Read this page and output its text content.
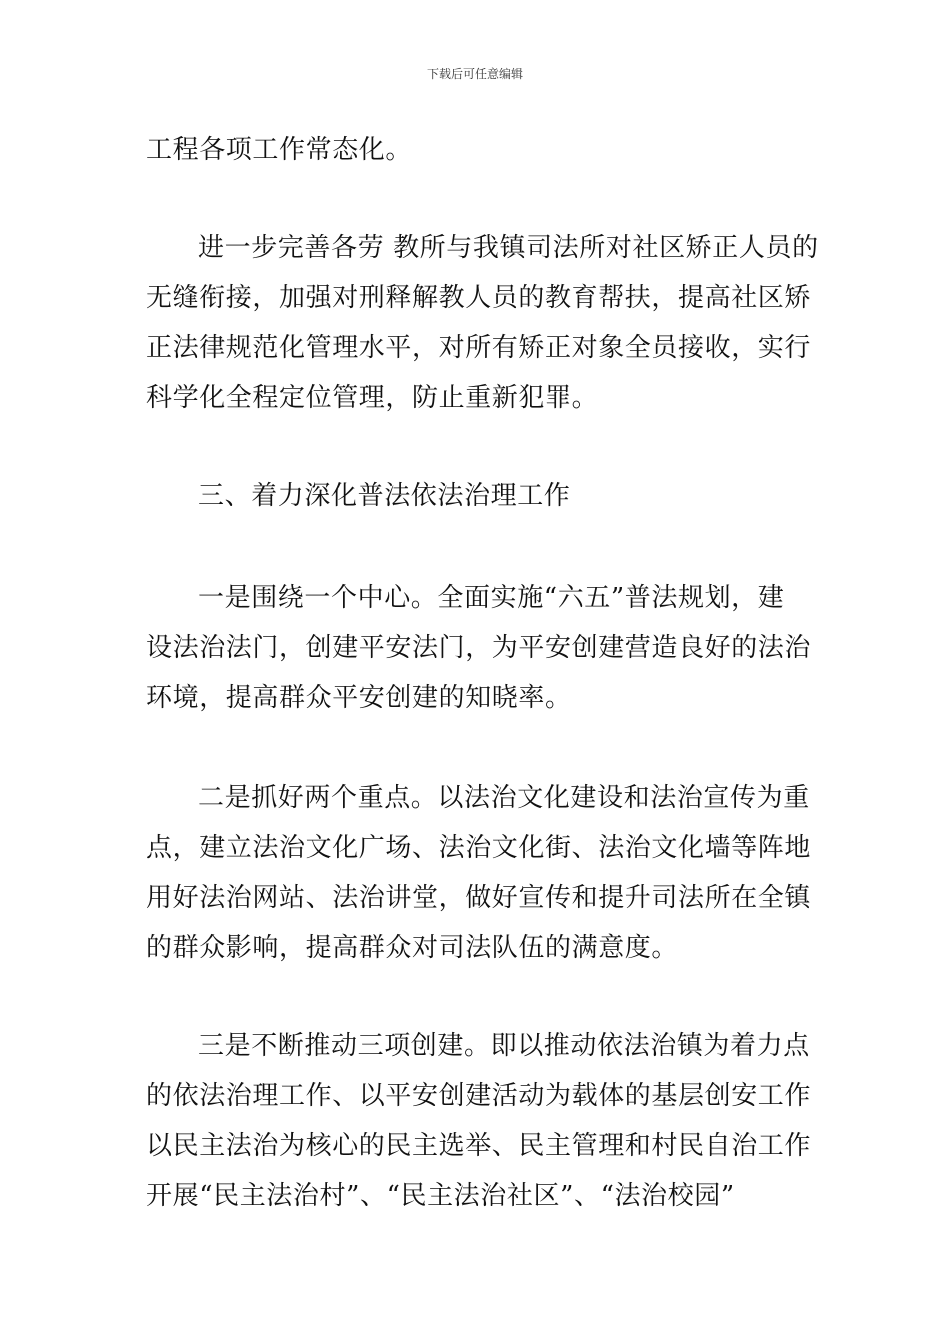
下载后可任意编辑
工程各项工作常态化。
进一步完善各劳 教所与我镇司法所对社区矫正人员的
无缝衔接，加强对刑释解教人员的教育帮扶，提高社区矫
正法律规范化管理水平，对所有矫正对象全员接收，实行
科学化全程定位管理，防止重新犯罪。
三、着力深化普法依法治理工作
一是围绕一个中心。全面实施“六五”普法规划，建
设法治法门，创建平安法门，为平安创建营造良好的法治
环境，提高群众平安创建的知晓率。
二是抓好两个重点。以法治文化建设和法治宣传为重
点，建立法治文化广场、法治文化街、法治文化墙等阵地
用好法治网站、法治讲堂，做好宣传和提升司法所在全镇
的群众影响，提高群众对司法队伍的满意度。
三是不断推动三项创建。即以推动依法治镇为着力点
的依法治理工作、以平安创建活动为载体的基层创安工作
以民主法治为核心的民主选举、民主管理和村民自治工作
开展“民主法治村”、“民主法治社区”、“法治校园”
